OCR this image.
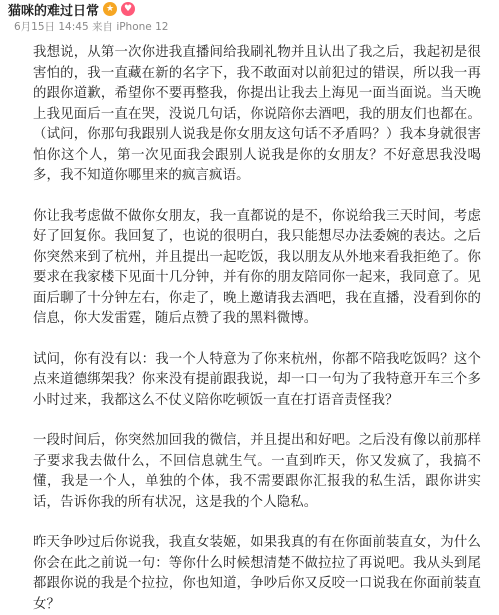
猫咪的难过日常 ★	♥
6月15日 14:45 来自 iPhone 12

我想说，从第一次你进我直播间给我刷礼物并且认出了我之后，我起初是很害怕的，我一直藏在新的名字下，我不敢面对以前犯过的错误，所以我一再的跟你道歉，希望你不要再整我，你提出让我去上海见一面当面说。当天晚上我见面后一直在哭，没说几句话，你说陪你去酒吧，我的朋友们也都在。（试问，你那句我跟别人说我是你女朋友这句话不矛盾吗？）我本身就很害怕你这个人，第一次见面我会跟别人说我是你的女朋友？不好意思我没喝多，我不知道你哪里来的疯言疯语。

你让我考虑做不做你女朋友，我一直都说的是不，你说给我三天时间，考虑好了回复你。我回复了，也说的很明白，我只能想尽办法委婉的表达。之后你突然来到了杭州，并且提出一起吃饭，我以朋友从外地来看我拒绝了。你要求在我家楼下见面十几分钟，并有你的朋友陪同你一起来，我同意了。见面后聊了十分钟左右，你走了，晚上邀请我去酒吧，我在直播，没看到你的信息，你大发雷霆，随后点赞了我的黑料微博。

试问，你有没有以：我一个人特意为了你来杭州，你都不陪我吃饭吗？这个点来道德绑架我？你来没有提前跟我说，却一口一句为了我特意开车三个多小时过来，我都这么不仗义陪你吃顿饭一直在打语音责怪我？

一段时间后，你突然加回我的微信，并且提出和好吧。之后没有像以前那样子要求我去做什么，不回信息就生气。一直到昨天，你又发疯了，我搞不懂，我是一个人，单独的个体，我不需要跟你汇报我的私生活，跟你讲实话，告诉你我的所有状况，这是我的个人隐私。

昨天争吵过后你说我，我直女装姬，如果我真的有在你面前装直女，为什么你会在此之前说一句：等你什么时候想清楚不做拉拉了再说吧。我从头到尾都跟你说的我是个拉拉，你也知道，争吵后你又反咬一口说我在你面前装直女？
